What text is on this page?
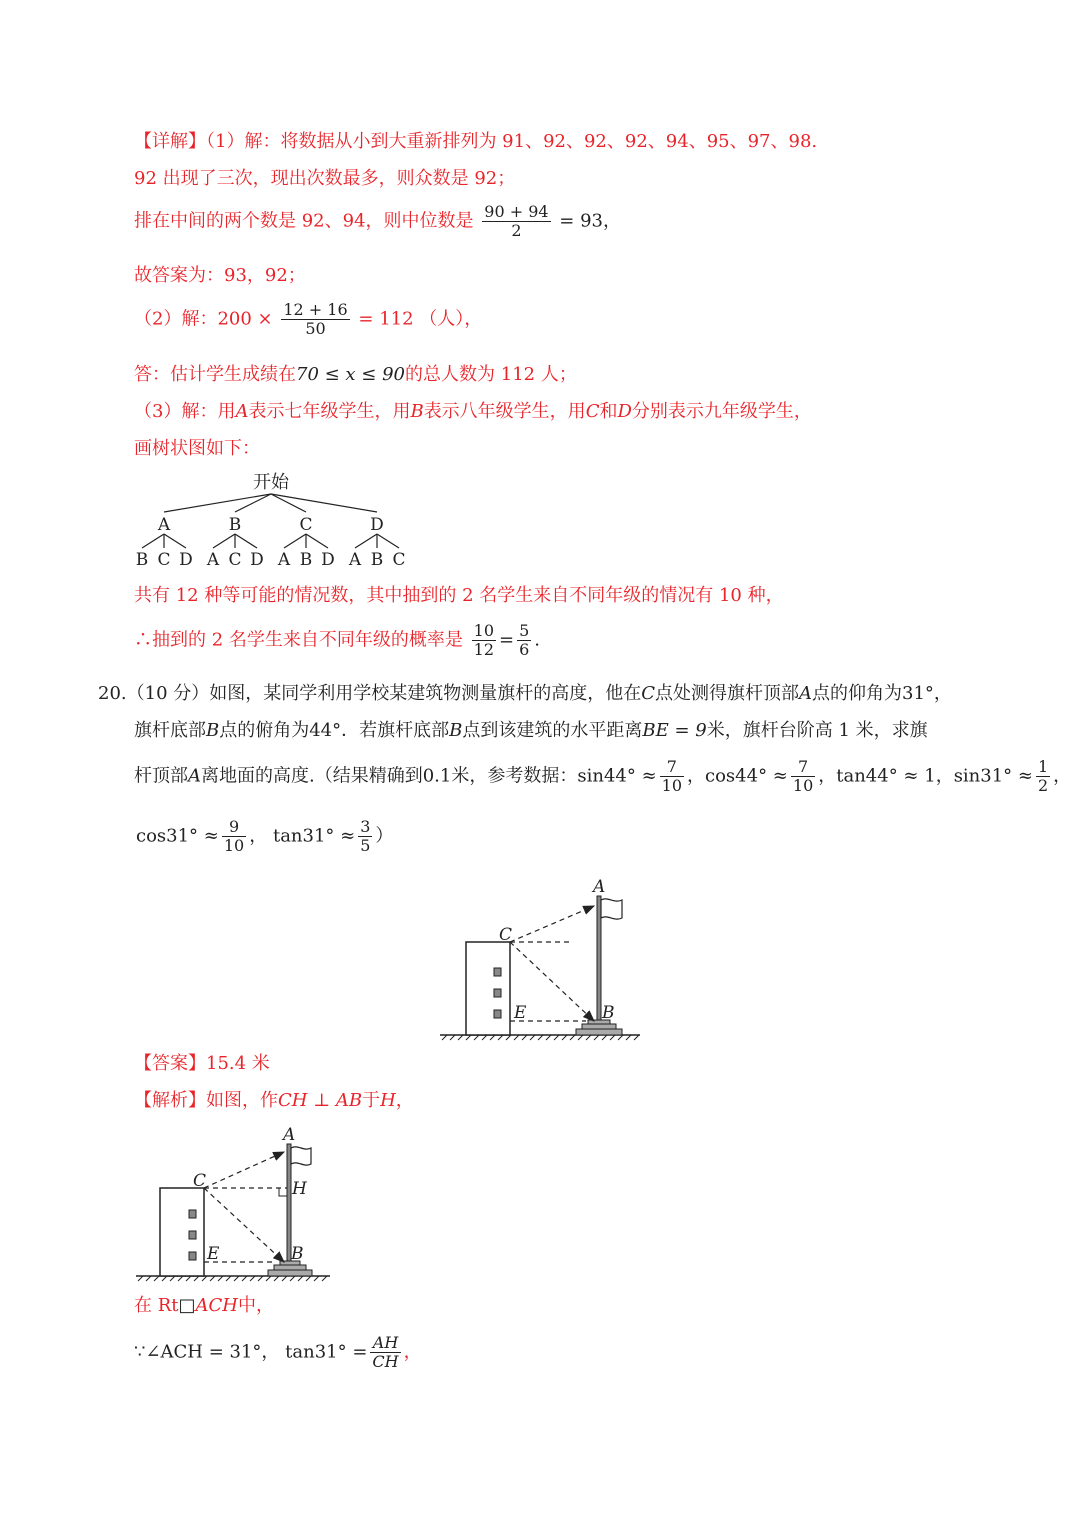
【详解】（1）解：将数据从小到大重新排列为 91、92、92、92、94、95、97、98.
92 出现了三次，现出次数最多，则众数是 92；
排在中间的两个数是 92、94，则中位数是 $\frac{90 + 94}{2} = 93$，
故答案为：93，92；
（2）解：$200 \times \frac{12 + 16}{50} = 112$ （人），
答：估计学生成绩在70 ≤ x ≤ 90的总人数为 112 人；
（3）解：用A表示七年级学生，用B表示八年级学生，用C和D分别表示九年级学生，
画树状图如下：
开始
A	B	C	D
B C D A C D A B D A B C
共有 12 种等可能的情况数，其中抽到的 2 名学生来自不同年级的情况有 10 种，
∴抽到的 2 名学生来自不同年级的概率是 $\frac{10}{12} = \frac{5}{6}$ .
20.（10 分）如图，某同学利用学校某建筑物测量旗杆的高度，他在C点处测得旗杆顶部A点的仰角为31°，
旗杆底部B点的俯角为44°．若旗杆底部B点到该建筑的水平距离BE = 9米，旗杆台阶高 1 米，求旗
杆顶部A离地面的高度.（结果精确到0.1米，参考数据：$\sin 44^\circ \approx \frac{7}{10}$ ，$\cos 44^\circ \approx \frac{7}{10}$ ，tan44° ≈ 1，$\sin 31^\circ \approx \frac{1}{2}$ ，
$\cos 31^\circ \approx \frac{9}{10}$ ， $\tan 31^\circ \approx \frac{3}{5}$ ）
A
C
E	B
【答案】15.4 米
【解析】如图，作CH ⊥ AB于H，
A
C	H
E	B
在 Rt□ACH中，
∵∠ACH = 31°， $\tan 31^\circ = \frac{AH}{CH}$ ，
